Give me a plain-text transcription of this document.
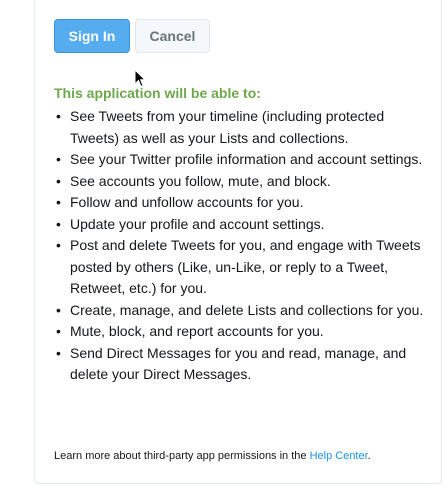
Sign In	Cancel
This application will be able to:
• See Tweets from your timeline (including protected Tweets) as well as your Lists and collections.
• See your Twitter profile information and account settings.
• See accounts you follow, mute, and block.
• Follow and unfollow accounts for you.
• Update your profile and account settings.
• Post and delete Tweets for you, and engage with Tweets posted by others (Like, un-Like, or reply to a Tweet, Retweet, etc.) for you.
• Create, manage, and delete Lists and collections for you.
• Mute, block, and report accounts for you.
• Send Direct Messages for you and read, manage, and delete your Direct Messages.
Learn more about third-party app permissions in the Help Center.
